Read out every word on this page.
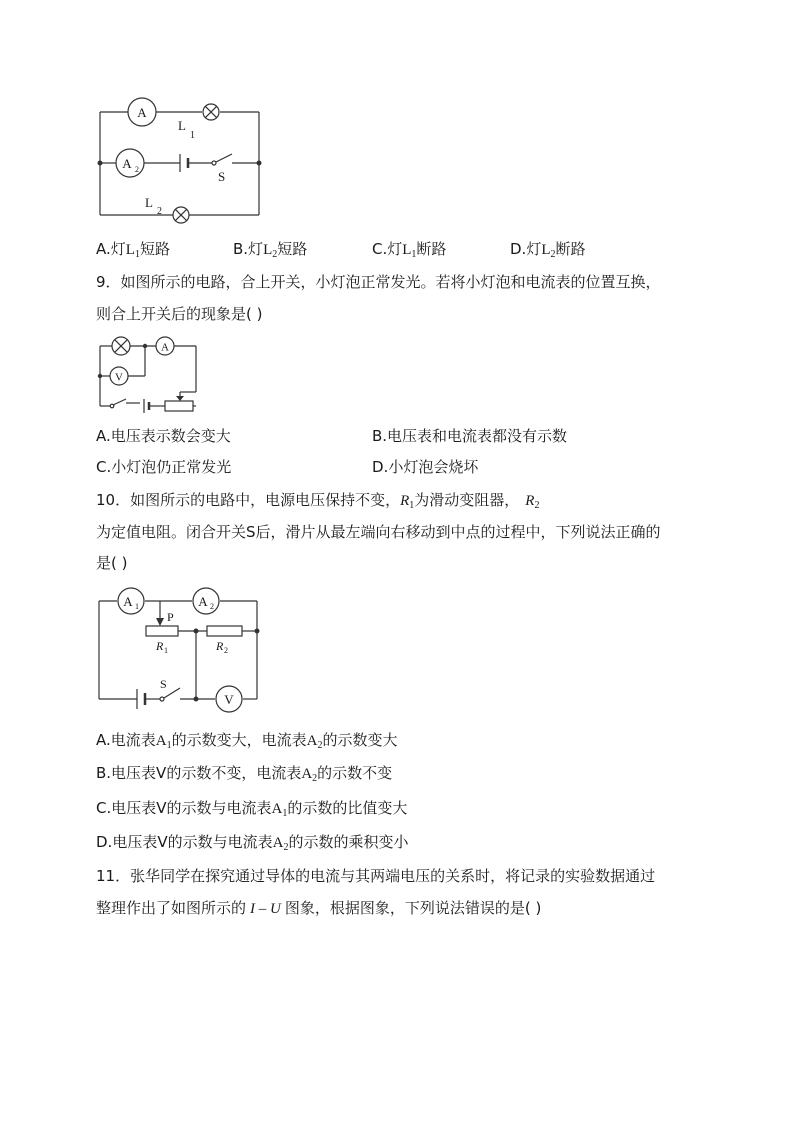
A
L
1
A 2	S
L
2
A.灯$L_1$短路	B.灯$L_2$短路	C.灯$L_1$断路	D.灯$L_2$断路
9．如图所示的电路，合上开关，小灯泡正常发光。若将小灯泡和电流表的位置互换，
则合上开关后的现象是( )
A
V
A.电压表示数会变大	B.电压表和电流表都没有示数
C.小灯泡仍正常发光	D.小灯泡会烧坏
10．如图所示的电路中，电源电压保持不变，$R_1$为滑动变阻器， $R_2$
为定值电阻。闭合开关S后，滑片从最左端向右移动到中点的过程中，下列说法正确的
是( )
A 1
P
R 1
A 2
R 2
S
V
A.电流表$A_1$的示数变大，电流表$A_2$的示数变大
B.电压表V的示数不变，电流表$A_2$的示数不变
C.电压表V的示数与电流表$A_1$的示数的比值变大
D.电压表V的示数与电流表$A_2$的示数的乘积变小
11．张华同学在探究通过导体的电流与其两端电压的关系时，将记录的实验数据通过
整理作出了如图所示的 I – U 图象，根据图象，下列说法错误的是( )
